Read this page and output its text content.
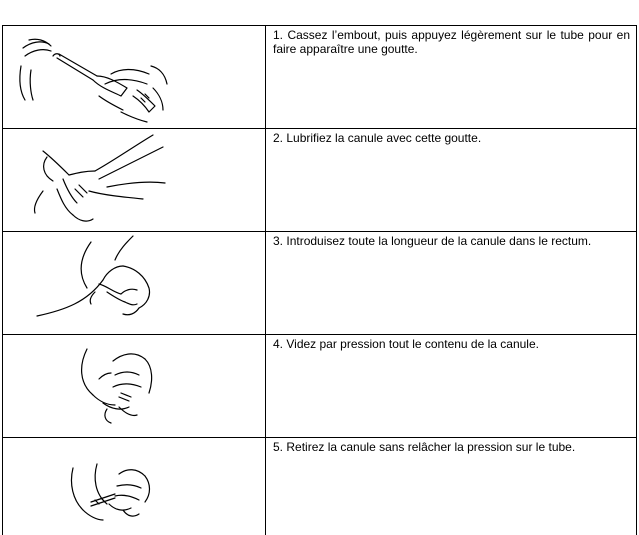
	1. Cassez l’embout, puis appuyez légèrement sur le tube pour en faire apparaître une goutte.

	2. Lubrifiez la canule avec cette goutte.

	3. Introduisez toute la longueur de la canule dans le rectum.

	4. Videz par pression tout le contenu de la canule.

	5. Retirez la canule sans relâcher la pression sur le tube.
